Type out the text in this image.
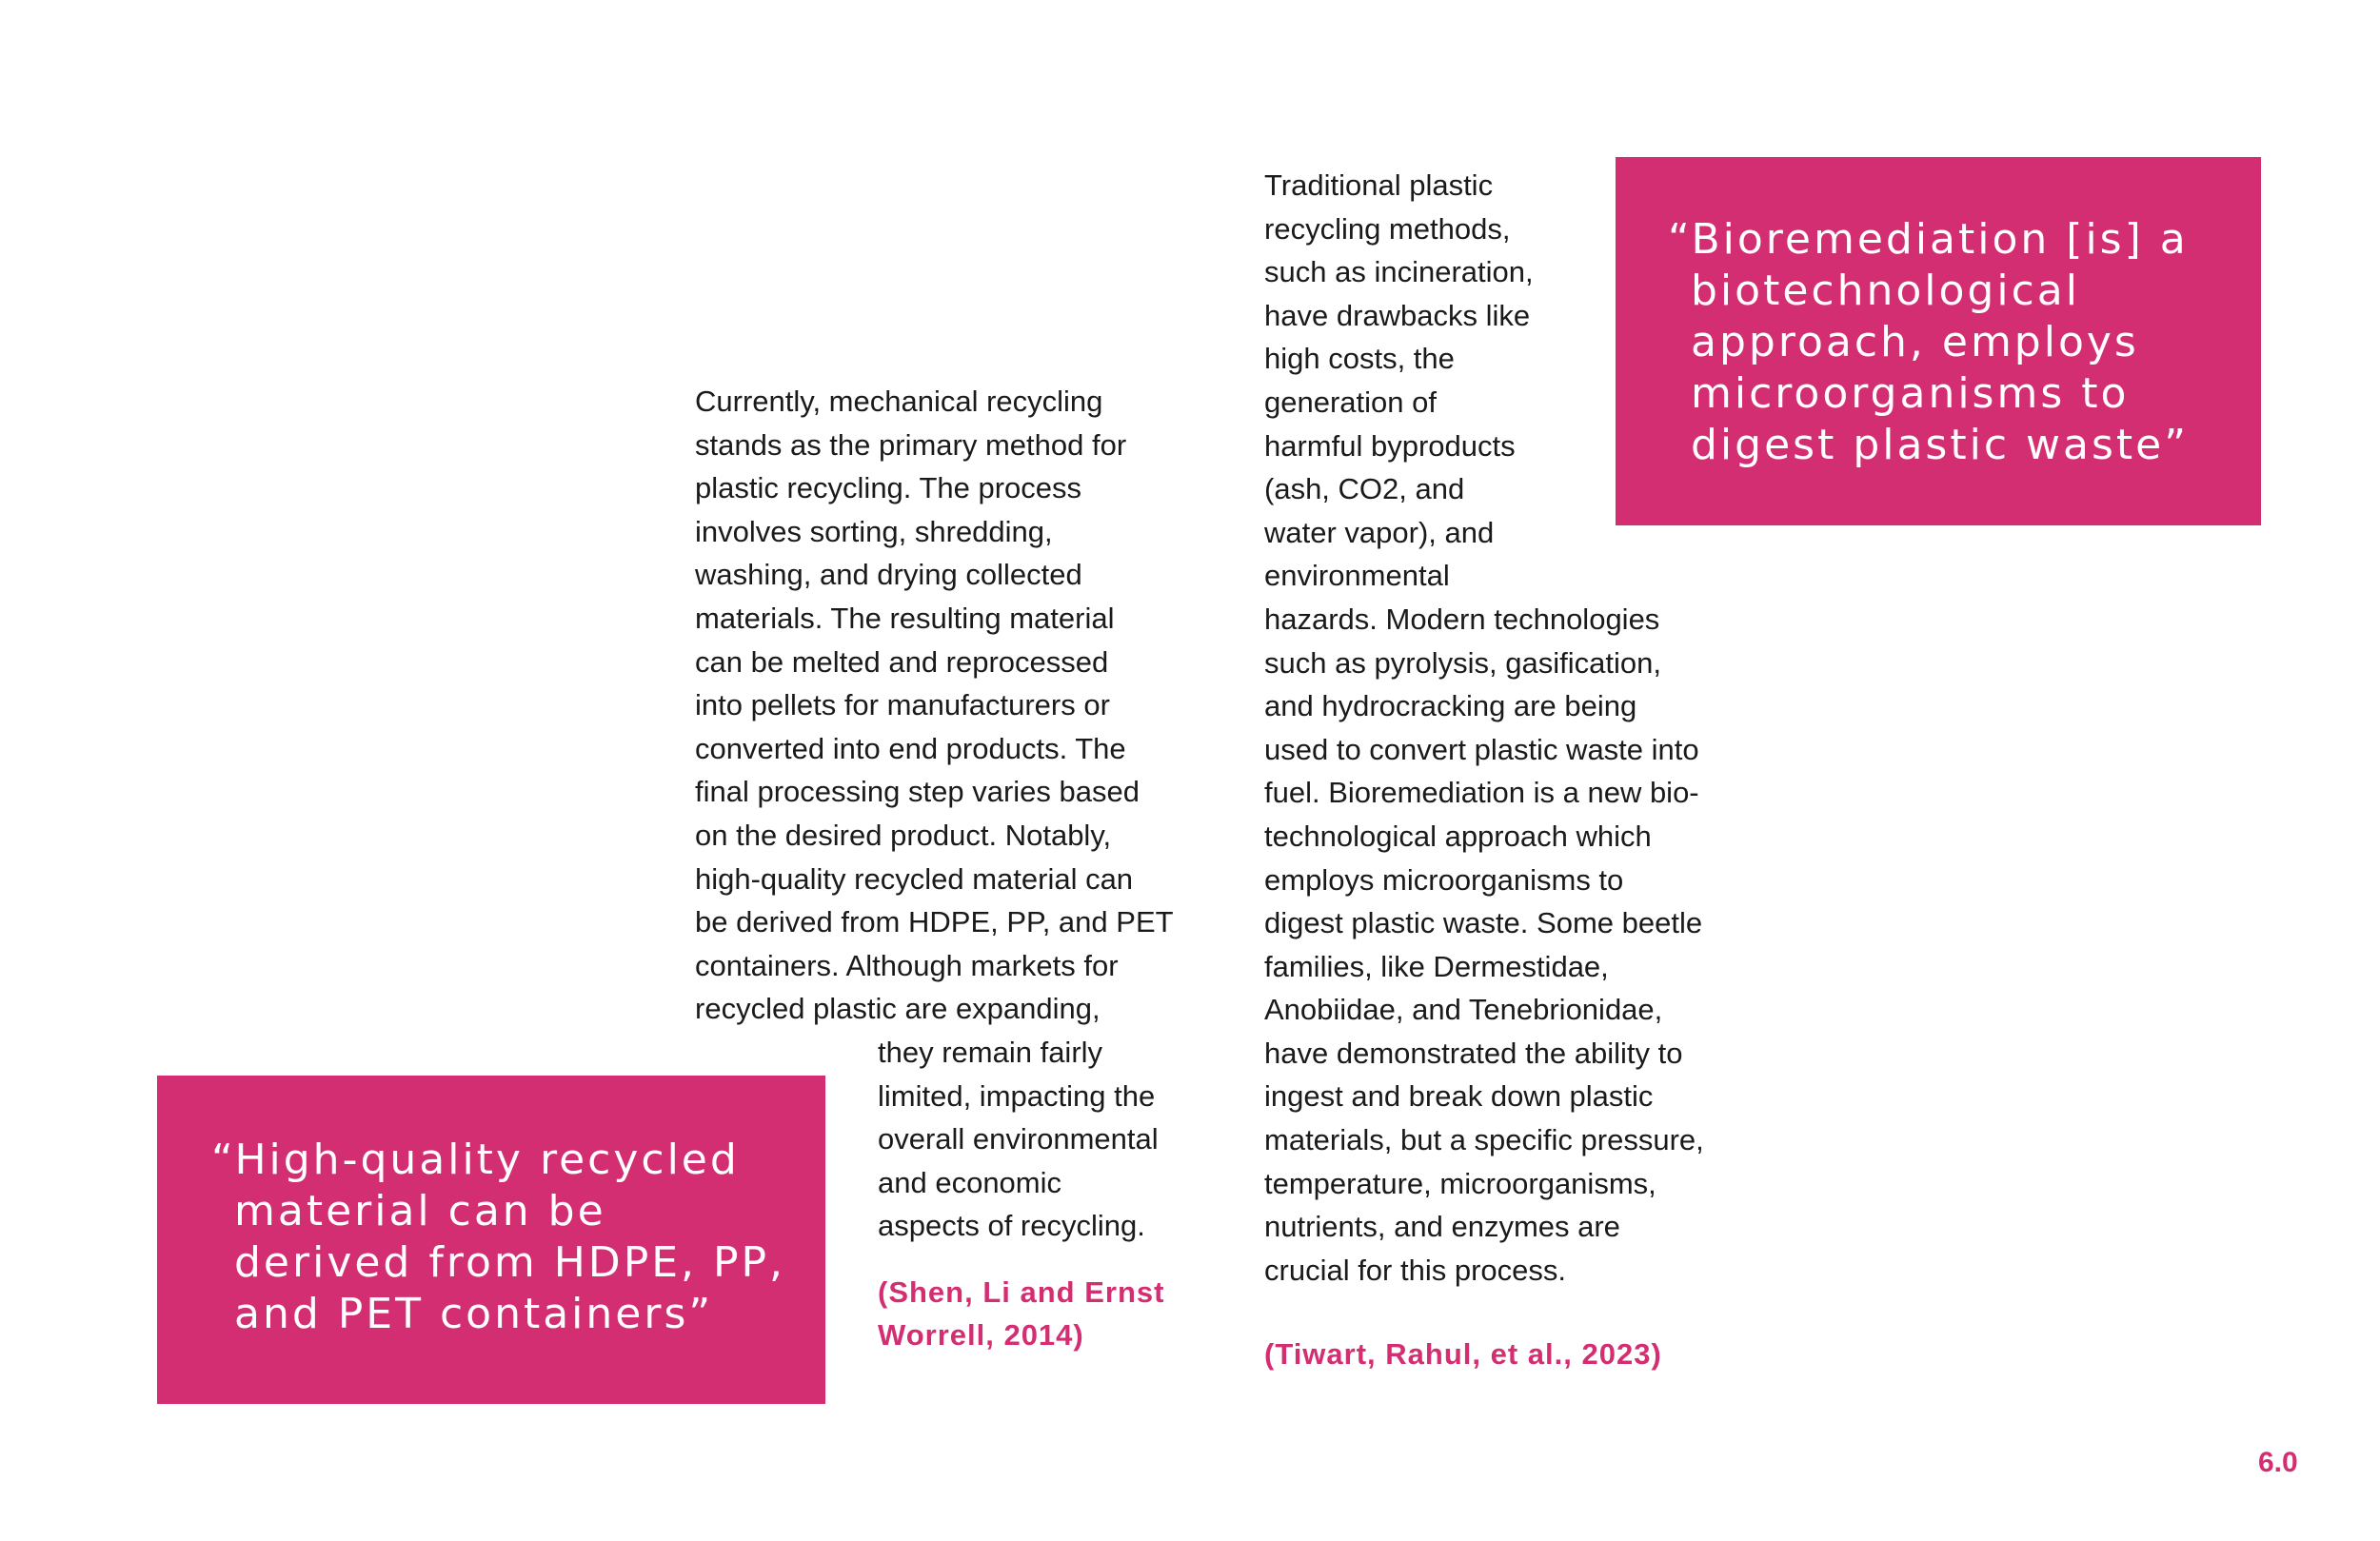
“Bioremediation [is] a
biotechnological
approach, employs
microorganisms to
digest plastic waste”
“High-quality recycled
material can be
derived from HDPE, PP,
and PET containers”
Currently, mechanical recycling
stands as the primary method for
plastic recycling. The process
involves sorting, shredding,
washing, and drying collected
materials. The resulting material
can be melted and reprocessed
into pellets for manufacturers or
converted into end products. The
final processing step varies based
on the desired product. Notably,
high-quality recycled material can
be derived from HDPE, PP, and PET
containers. Although markets for
recycled plastic are expanding,
they remain fairly
limited, impacting the
overall environmental
and economic
aspects of recycling.
(Shen, Li and Ernst
Worrell, 2014)
Traditional plastic
recycling methods,
such as incineration,
have drawbacks like
high costs, the
generation of
harmful byproducts
(ash, CO2, and
water vapor), and
environmental
hazards. Modern technologies
such as pyrolysis, gasification,
and hydrocracking are being
used to convert plastic waste into
fuel. Bioremediation is a new bio-
technological approach which
employs microorganisms to
digest plastic waste. Some beetle
families, like Dermestidae,
Anobiidae, and Tenebrionidae,
have demonstrated the ability to
ingest and break down plastic
materials, but a specific pressure,
temperature, microorganisms,
nutrients, and enzymes are
crucial for this process.
(Tiwart, Rahul, et al., 2023)
6.0
